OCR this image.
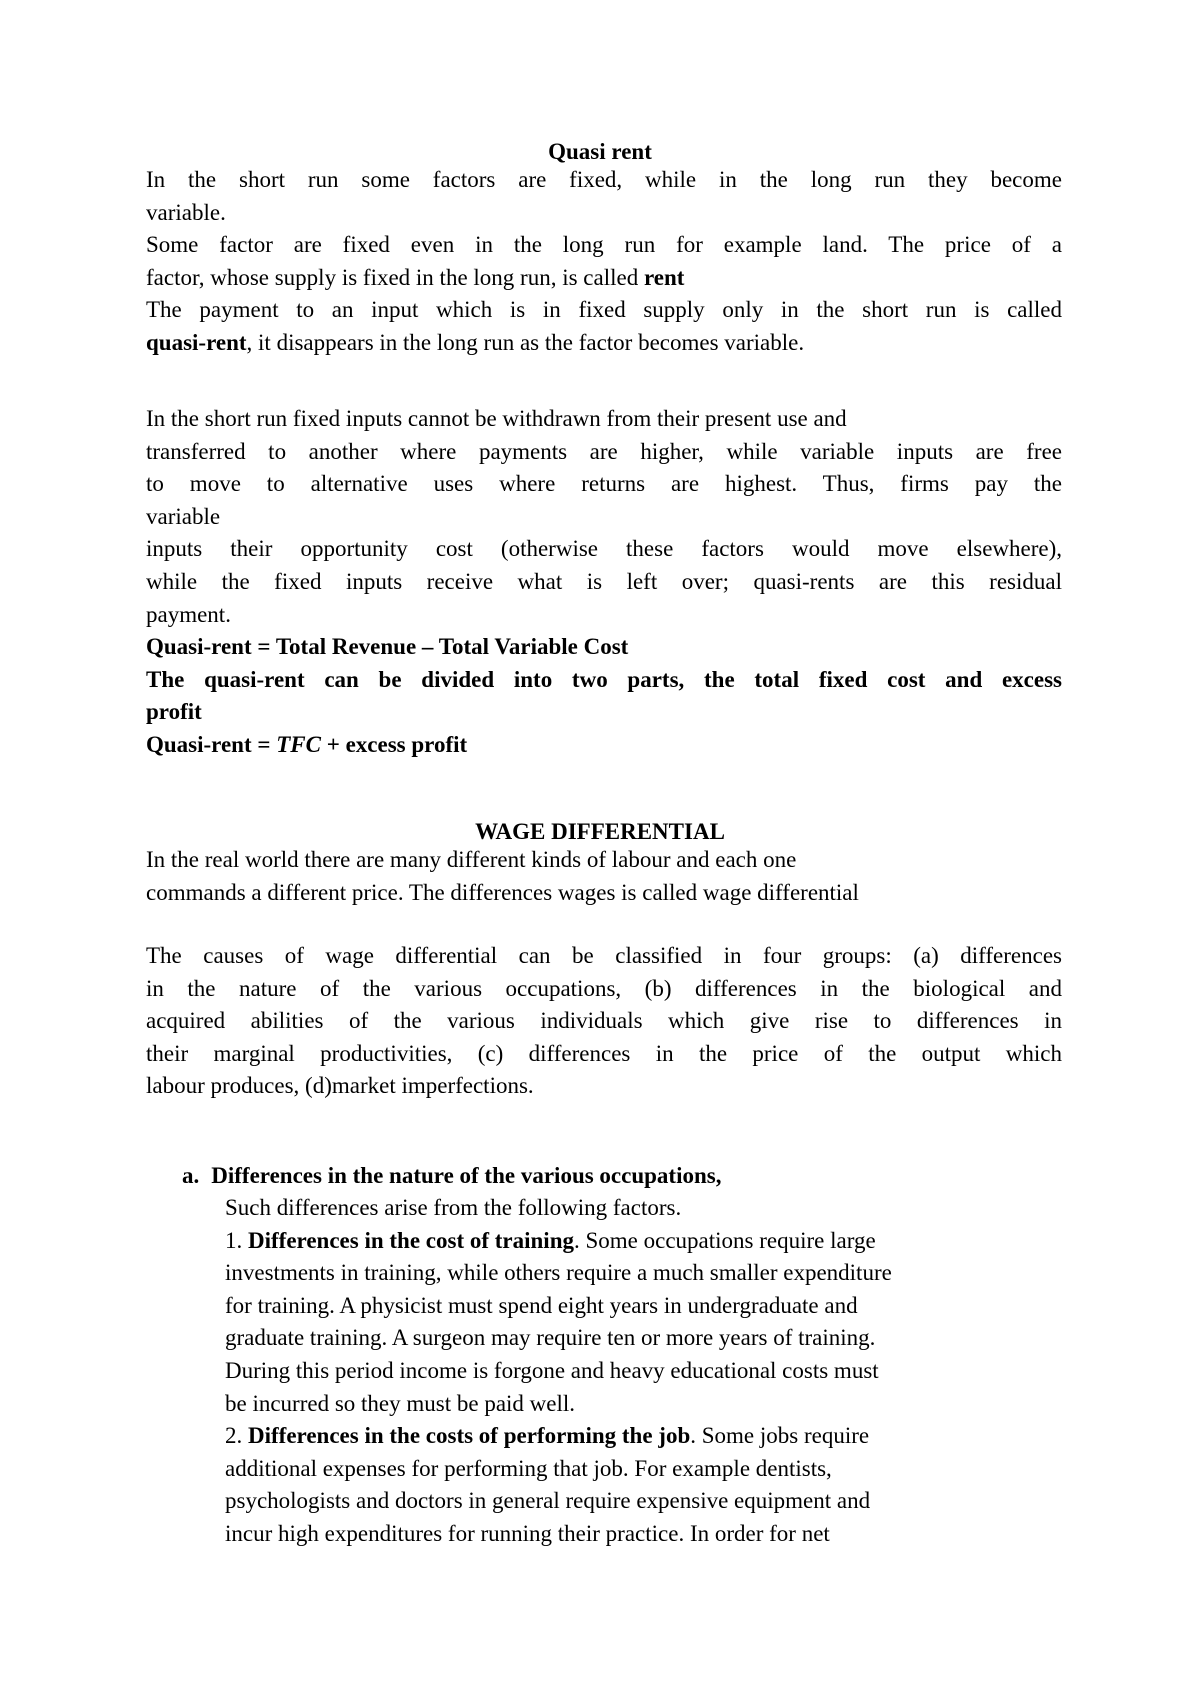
Quasi rent

In the short run some factors are fixed, while in the long run they become

variable.

Some factor are fixed even in the long run for example land. The price of a

factor, whose supply is fixed in the long run, is called rent

The payment to an input which is in fixed supply only in the short run is called

quasi-rent, it disappears in the long run as the factor becomes variable.

In the short run fixed inputs cannot be withdrawn from their present use and

transferred to another where payments are higher, while variable inputs are free

to move to alternative uses where returns are highest. Thus, firms pay the

variable

inputs their opportunity cost (otherwise these factors would move elsewhere),

while the fixed inputs receive what is left over; quasi-rents are this residual

payment.

Quasi-rent = Total Revenue – Total Variable Cost

The quasi-rent can be divided into two parts, the total fixed cost and excess

profit

Quasi-rent = TFC + excess profit

WAGE DIFFERENTIAL

In the real world there are many different kinds of labour and each one

commands a different price. The differences wages is called wage differential

The causes of wage differential can be classified in four groups: (a) differences

in the nature of the various occupations, (b) differences in the biological and

acquired abilities of the various individuals which give rise to differences in

their marginal productivities, (c) differences in the price of the output which

labour produces, (d)market imperfections.

a. Differences in the nature of the various occupations,

Such differences arise from the following factors.

1. Differences in the cost of training. Some occupations require large

investments in training, while others require a much smaller expenditure

for training. A physicist must spend eight years in undergraduate and

graduate training. A surgeon may require ten or more years of training.

During this period income is forgone and heavy educational costs must

be incurred so they must be paid well.

2. Differences in the costs of performing the job. Some jobs require

additional expenses for performing that job. For example dentists,

psychologists and doctors in general require expensive equipment and

incur high expenditures for running their practice. In order for net
